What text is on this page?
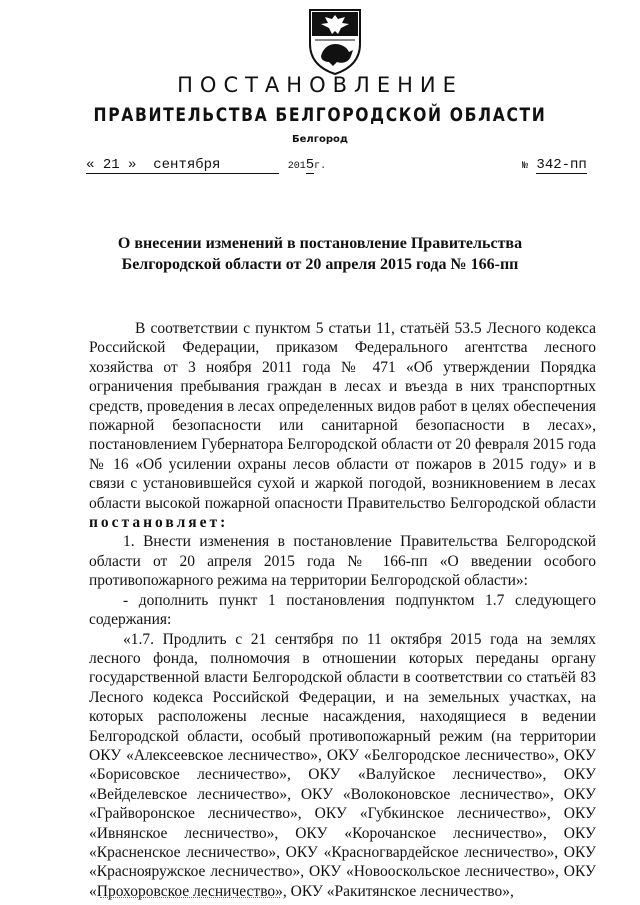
ПОСТАНОВЛЕНИЕ
ПРАВИТЕЛЬСТВА БЕЛГОРОДСКОЙ ОБЛАСТИ
Белгород
« 21 » сентября	2015г.	№ 342-пп
О внесении изменений в постановление Правительства
Белгородской области от 20 апреля 2015 года № 166-пп

В соответствии с пунктом 5 статьи 11, статьёй 53.5 Лесного кодекса Российской Федерации, приказом Федерального агентства лесного хозяйства от 3 ноября 2011 года № 471 «Об утверждении Порядка ограничения пребывания граждан в лесах и въезда в них транспортных средств, проведения в лесах определенных видов работ в целях обеспечения пожарной безопасности или санитарной безопасности в лесах», постановлением Губернатора Белгородской области от 20 февраля 2015 года № 16 «Об усилении охраны лесов области от пожаров в 2015 году» и в связи с установившейся сухой и жаркой погодой, возникновением в лесах области высокой пожарной опасности Правительство Белгородской области постановляет:

1. Внести изменения в постановление Правительства Белгородской области от 20 апреля 2015 года № 166-пп «О введении особого противопожарного режима на территории Белгородской области»:

- дополнить пункт 1 постановления подпунктом 1.7 следующего содержания:

«1.7. Продлить с 21 сентября по 11 октября 2015 года на землях лесного фонда, полномочия в отношении которых переданы органу государственной власти Белгородской области в соответствии со статьёй 83 Лесного кодекса Российской Федерации, и на земельных участках, на которых расположены лесные насаждения, находящиеся в ведении Белгородской области, особый противопожарный режим (на территории ОКУ «Алексеевское лесничество», ОКУ «Белгородское лесничество», ОКУ «Борисовское лесничество», ОКУ «Валуйское лесничество», ОКУ «Вейделевское лесничество», ОКУ «Волоконовское лесничество», ОКУ «Грайворонское лесничество», ОКУ «Губкинское лесничество», ОКУ «Ивнянское лесничество», ОКУ «Корочанское лесничество», ОКУ «Красненское лесничество», ОКУ «Красногвардейское лесничество», ОКУ «Краснояружское лесничество», ОКУ «Новооскольское лесничество», ОКУ «Прохоровское лесничество», ОКУ «Ракитянское лесничество»,
